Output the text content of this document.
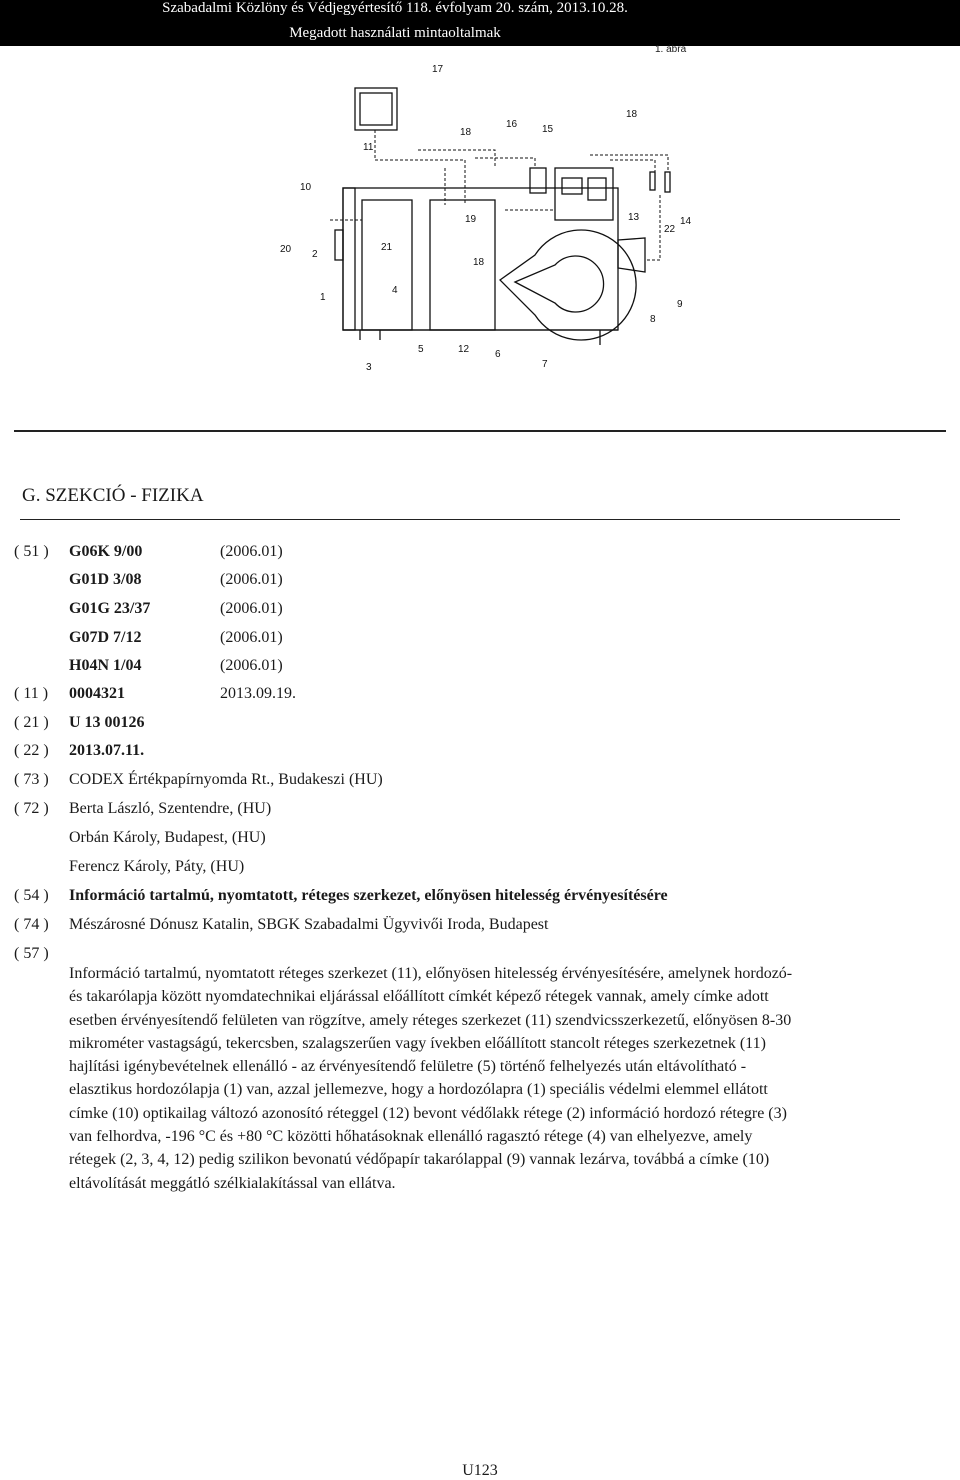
Szabadalmi Közlöny és Védjegyértesítő 118. évfolyam 20. szám, 2013.10.28.
Megadott használati mintaoltalmak
1. ábra
17
18
16 15
18
11
10
19	13
22
14
20 2
21
18
1
4
9
8
5	12	6
3	7
G. SZEKCIÓ - FIZIKA
( 51 ) G06K 9/00	(2006.01)
G01D 3/08	(2006.01)
G01G 23/37	(2006.01)
G07D 7/12	(2006.01)
H04N 1/04	(2006.01)
( 11 ) 0004321	2013.09.19.
( 21 ) U 13 00126
( 22 ) 2013.07.11.
( 73 ) CODEX Értékpapírnyomda Rt., Budakeszi (HU)
( 72 ) Berta László, Szentendre, (HU)
Orbán Károly, Budapest, (HU)
Ferencz Károly, Páty, (HU)
( 54 ) Információ tartalmú, nyomtatott, réteges szerkezet, előnyösen hitelesség érvényesítésére
( 74 ) Mészárosné Dónusz Katalin, SBGK Szabadalmi Ügyvivői Iroda, Budapest
( 57 )
Információ tartalmú, nyomtatott réteges szerkezet (11), előnyösen hitelesség érvényesítésére, amelynek hordozó-
és takarólapja között nyomdatechnikai eljárással előállított címkét képező rétegek vannak, amely címke adott
esetben érvényesítendő felületen van rögzítve, amely réteges szerkezet (11) szendvicsszerkezetű, előnyösen 8-30
mikrométer vastagságú, tekercsben, szalagszerűen vagy ívekben előállított stancolt réteges szerkezetnek (11)
hajlítási igénybevételnek ellenálló - az érvényesítendő felületre (5) történő felhelyezés után eltávolítható -
elasztikus hordozólapja (1) van, azzal jellemezve, hogy a hordozólapra (1) speciális védelmi elemmel ellátott
címke (10) optikailag változó azonosító réteggel (12) bevont védőlakk rétege (2) információ hordozó rétegre (3)
van felhordva, -196 °C és +80 °C közötti hőhatásoknak ellenálló ragasztó rétege (4) van elhelyezve, amely
rétegek (2, 3, 4, 12) pedig szilikon bevonatú védőpapír takarólappal (9) vannak lezárva, továbbá a címke (10)
eltávolítását meggátló szélkialakítással van ellátva.
U123
